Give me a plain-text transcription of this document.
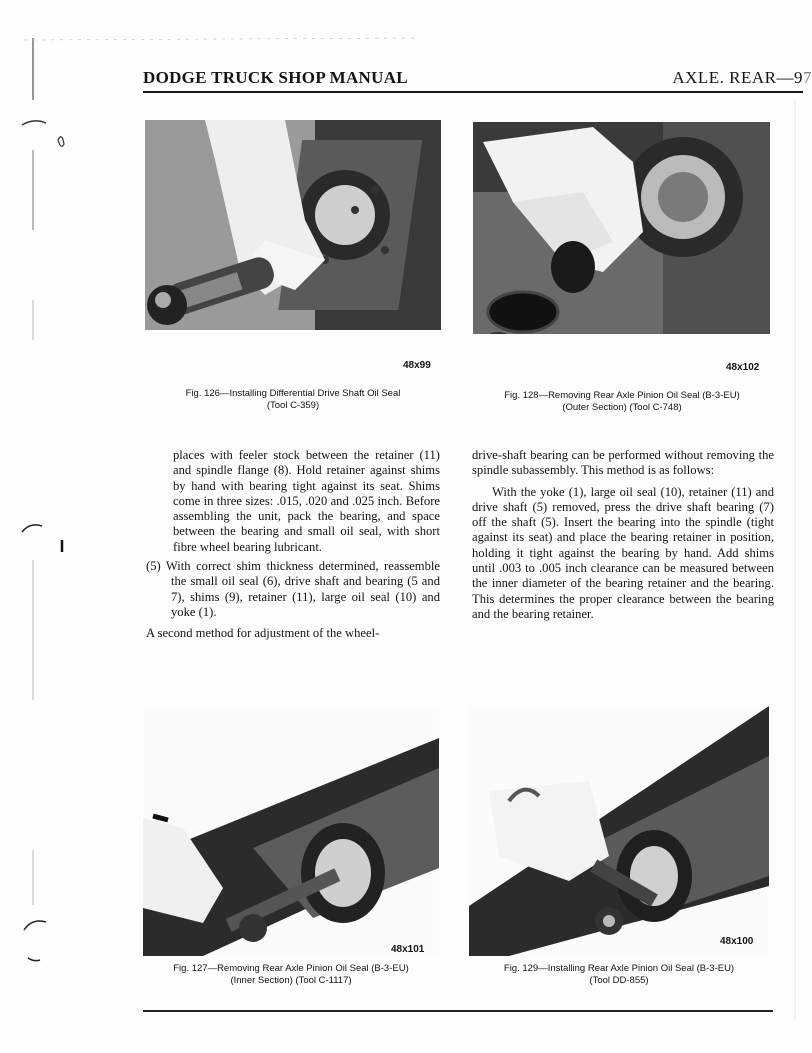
DODGE TRUCK SHOP MANUAL	AXLE. REAR—97
48x99
Fig. 126—Installing Differential Drive Shaft Oil Seal
(Tool C-359)
48x102
Fig. 128—Removing Rear Axle Pinion Oil Seal (B-3-EU)
(Outer Section) (Tool C-748)

places with feeler stock between the retainer (11) and spindle flange (8). Hold retainer against shims by hand with bearing tight against its seat. Shims come in three sizes: .015, .020 and .025 inch. Before assembling the unit, pack the bearing, and space between the bearing and small oil seal, with short fibre wheel bearing lubricant.

(5) With correct shim thickness determined, reassemble the small oil seal (6), drive shaft and bearing (5 and 7), shims (9), retainer (11), large oil seal (10) and yoke (1).

A second method for adjustment of the wheel-

drive-shaft bearing can be performed without removing the spindle subassembly. This method is as follows:

With the yoke (1), large oil seal (10), retainer (11) and drive shaft (5) removed, press the drive shaft bearing (7) off the shaft (5). Insert the bearing into the spindle (tight against its seat) and place the bearing retainer in position, holding it tight against the bearing by hand. Add shims until .003 to .005 inch clearance can be measured between the inner diameter of the bearing retainer and the bearing. This determines the proper clearance between the bearing and the bearing retainer.

48x101
Fig. 127—Removing Rear Axle Pinion Oil Seal (B-3-EU)
(Inner Section) (Tool C-1117)
48x100
Fig. 129—Installing Rear Axle Pinion Oil Seal (B-3-EU)
(Tool DD-855)
